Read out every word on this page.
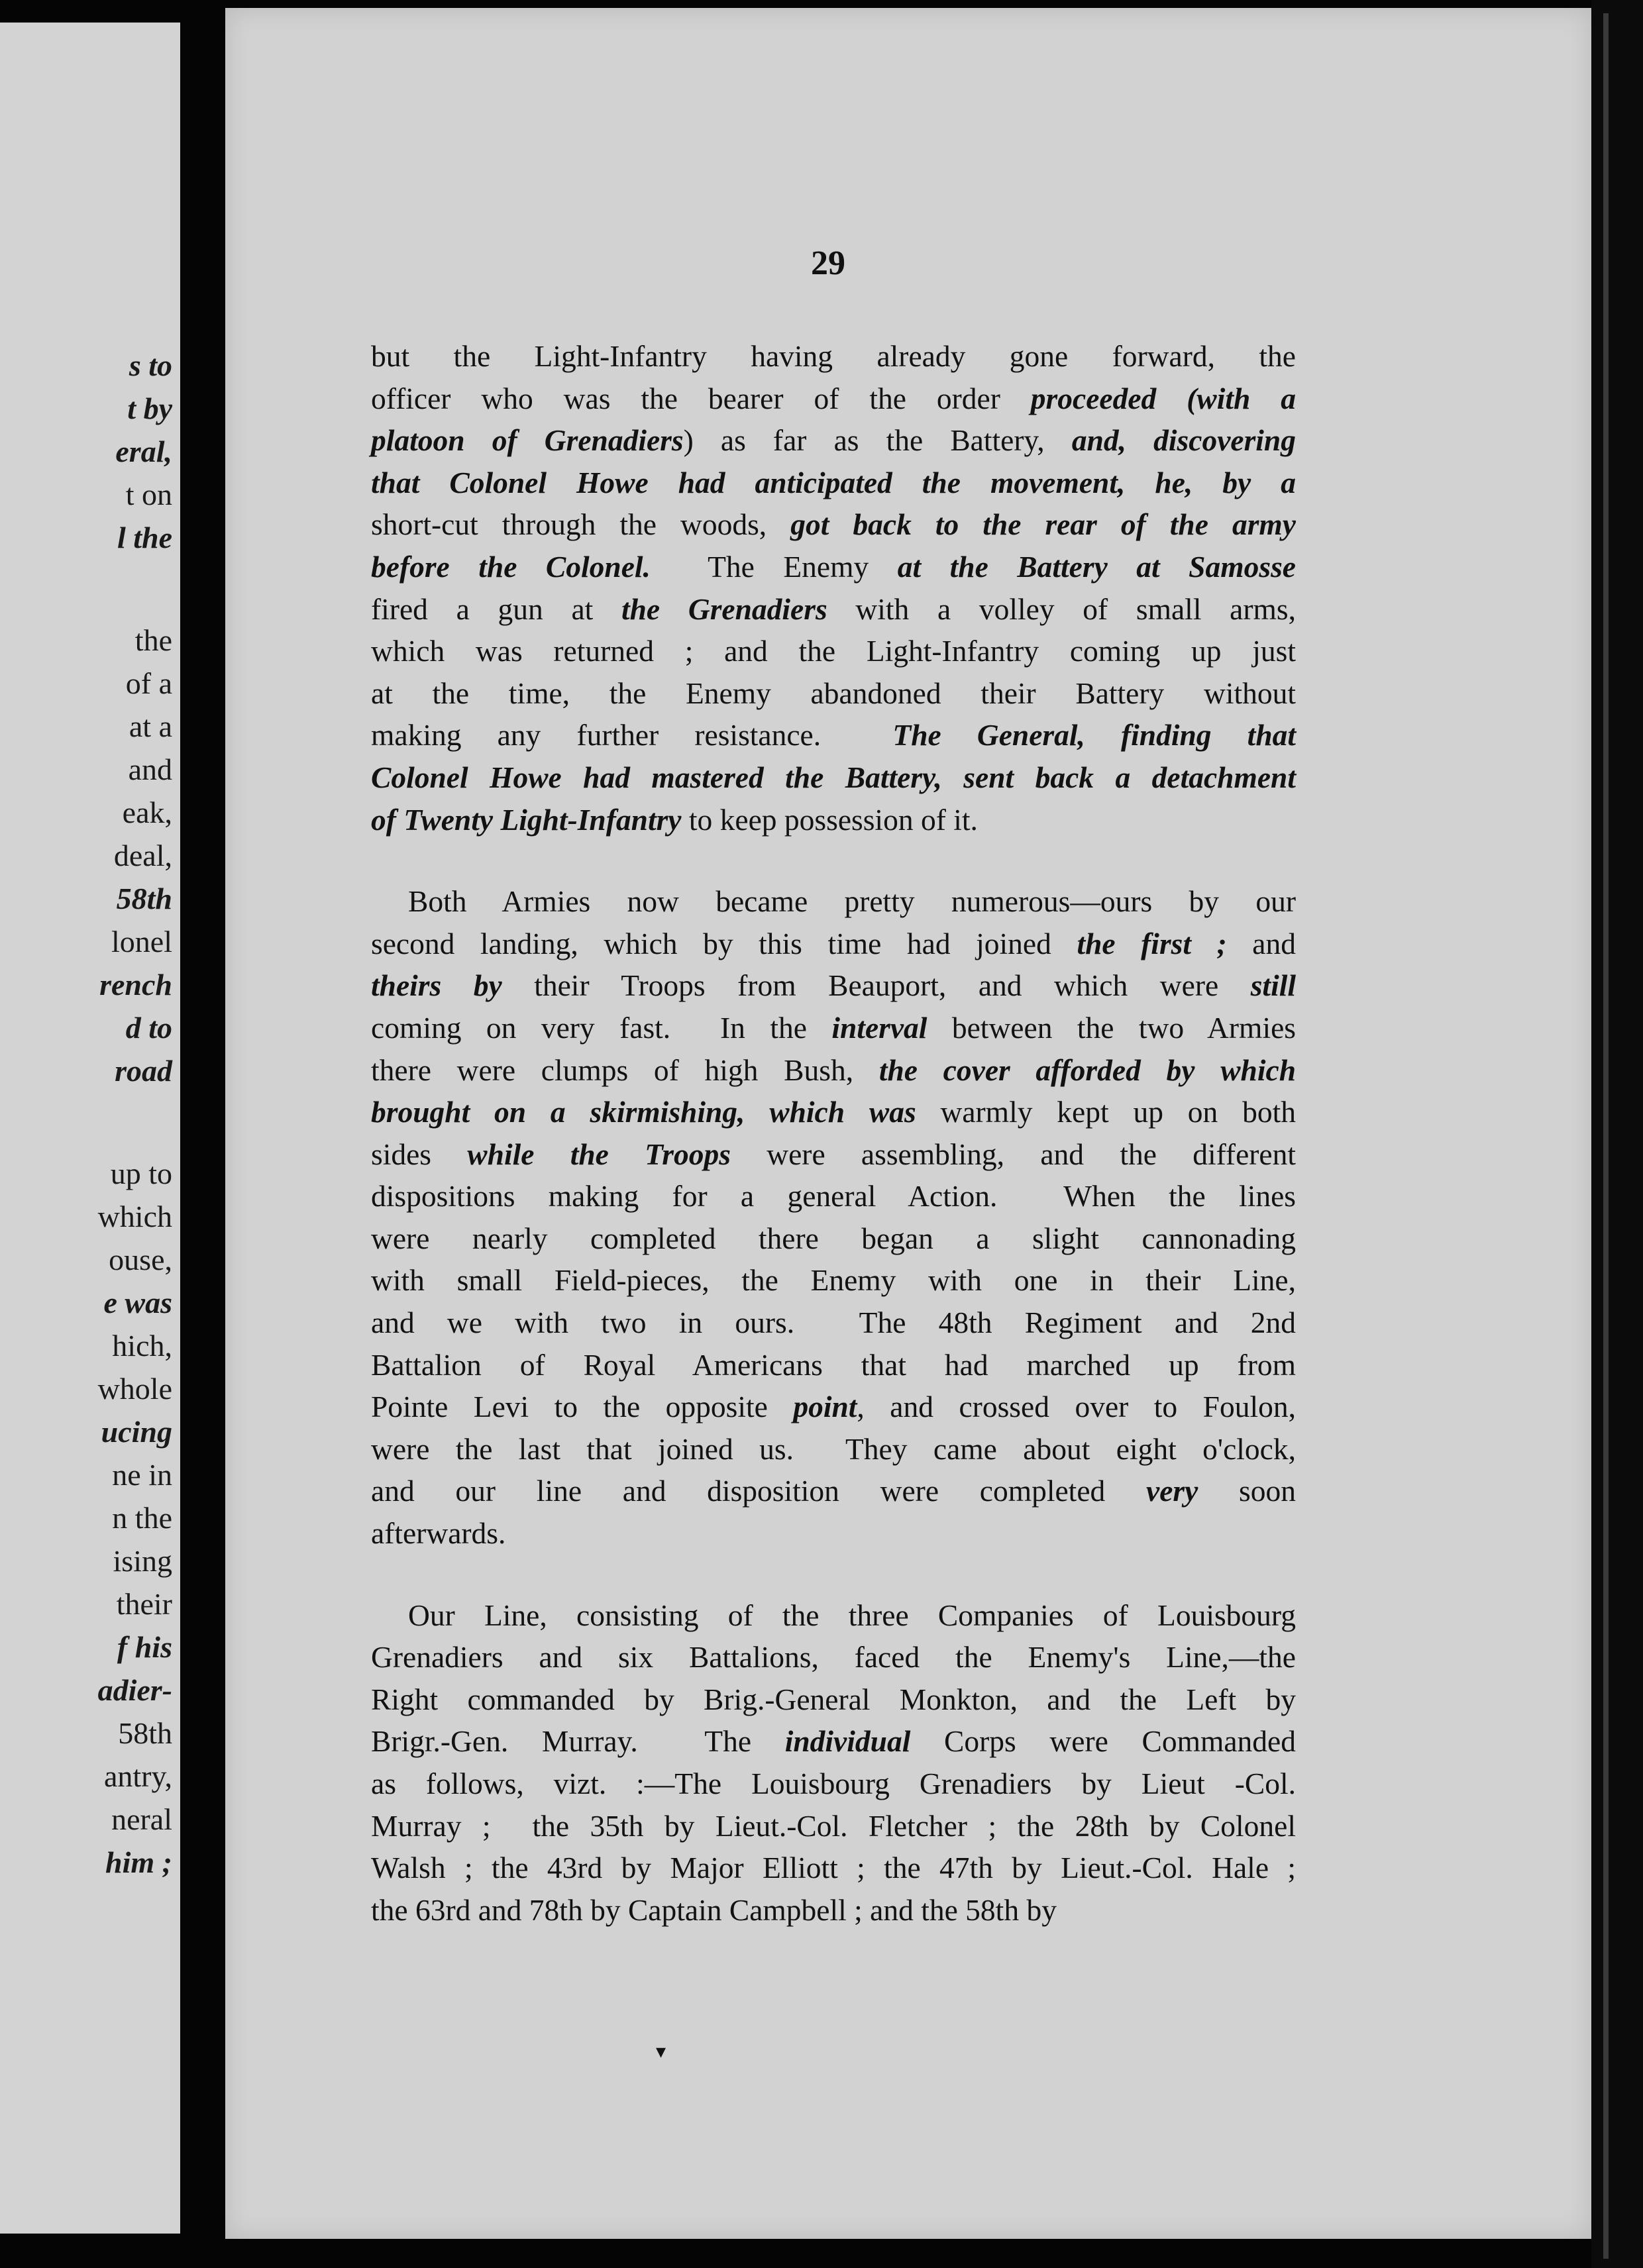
s to

t by

eral,

t on

l the

the

of a

at a

and

eak,

deal,

58th

lonel

rench

d to

road

up to

which

ouse,

e was

hich,

whole

ucing

ne in

n the

ising

their

f his

adier-

58th

antry,

neral

him ;

29

but the Light-Infantry having already gone forward, the
officer who was the bearer of the order proceeded (with a
platoon of Grenadiers) as far as the Battery, and, discovering
that Colonel Howe had anticipated the movement, he, by a
short-cut through the woods, got back to the rear of the army
before the Colonel.  The Enemy at the Battery at Samosse
fired a gun at the Grenadiers with a volley of small arms,
which was returned ; and the Light-Infantry coming up just
at the time, the Enemy abandoned their Battery without
making any further resistance.  The General, finding that
Colonel Howe had mastered the Battery, sent back a detachment
of Twenty Light-Infantry to keep possession of it.
Both Armies now became pretty numerous—ours by our
second landing, which by this time had joined the first ; and
theirs by their Troops from Beauport, and which were still
coming on very fast.  In the interval between the two Armies
there were clumps of high Bush, the cover afforded by which
brought on a skirmishing, which was warmly kept up on both
sides while the Troops were assembling, and the different
dispositions making for a general Action.  When the lines
were nearly completed there began a slight cannonading
with small Field-pieces, the Enemy with one in their Line,
and we with two in ours.  The 48th Regiment and 2nd
Battalion of Royal Americans that had marched up from
Pointe Levi to the opposite point, and crossed over to Foulon,
were the last that joined us.  They came about eight o'clock,
and our line and disposition were completed very soon
afterwards.
Our Line, consisting of the three Companies of Louisbourg
Grenadiers and six Battalions, faced the Enemy's Line,—the
Right commanded by Brig.-General Monkton, and the Left by
Brigr.-Gen. Murray.  The individual Corps were Commanded
as follows, vizt. :—The Louisbourg Grenadiers by Lieut -Col.
Murray ;  the 35th by Lieut.-Col. Fletcher ; the 28th by Colonel
Walsh ; the 43rd by Major Elliott ; the 47th by Lieut.-Col. Hale ;
the 63rd and 78th by Captain Campbell ; and the 58th by

▾
